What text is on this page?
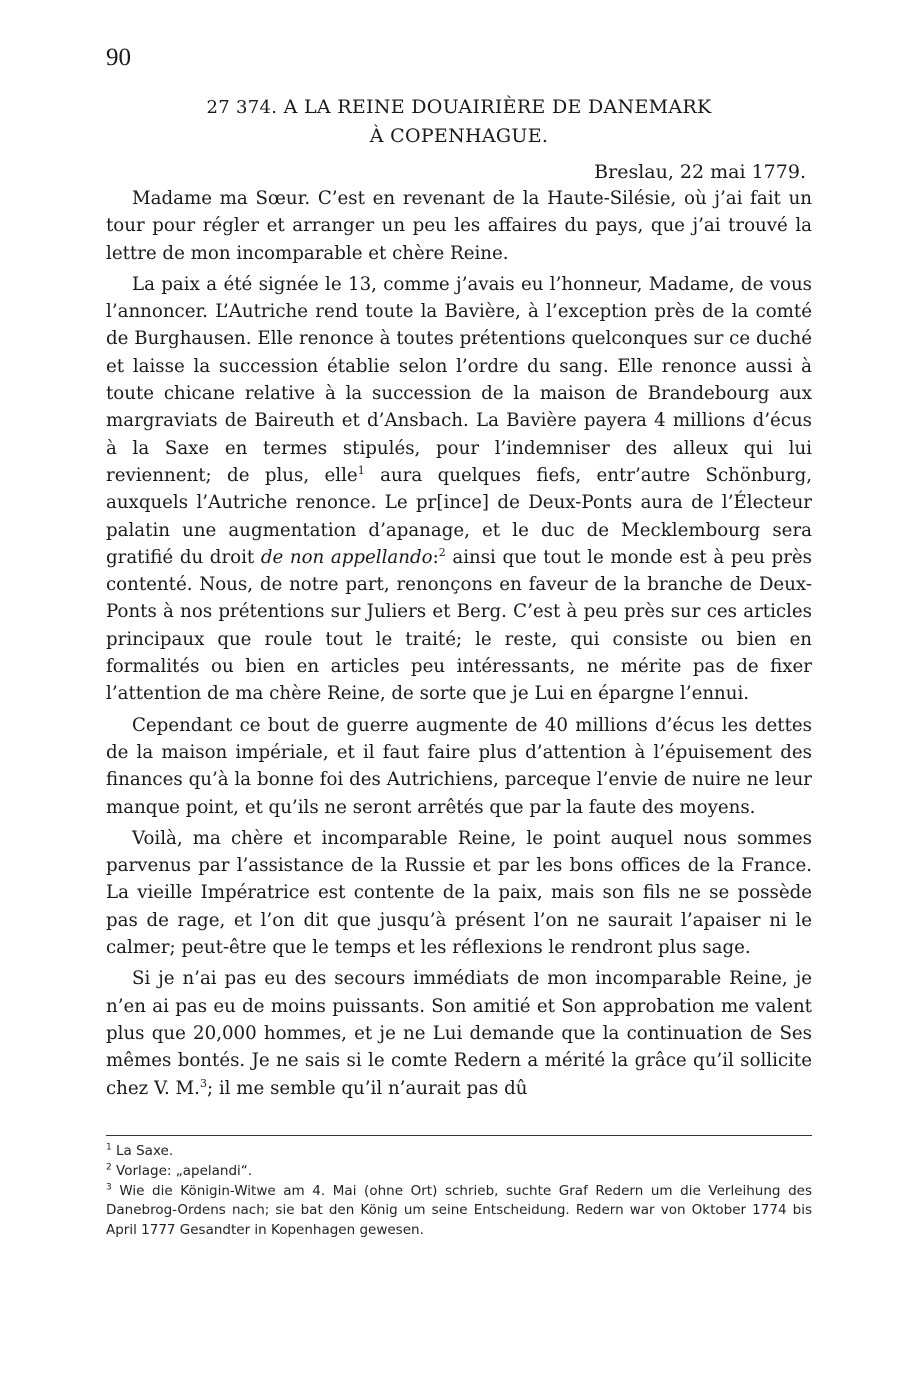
90
27 374. A LA REINE DOUAIRIÈRE DE DANEMARK
À COPENHAGUE.
Breslau, 22 mai 1779.

Madame ma Sœur. C’est en revenant de la Haute-Silésie, où j’ai fait un tour pour régler et arranger un peu les affaires du pays, que j’ai trouvé la lettre de mon incomparable et chère Reine.

La paix a été signée le 13, comme j’avais eu l’honneur, Madame, de vous l’annoncer. L’Autriche rend toute la Bavière, à l’exception près de la comté de Burghausen. Elle renonce à toutes prétentions quelconques sur ce duché et laisse la succession établie selon l’ordre du sang. Elle renonce aussi à toute chicane relative à la succession de la maison de Brandebourg aux margraviats de Baireuth et d’Ansbach. La Bavière payera 4 millions d’écus à la Saxe en termes stipulés, pour l’indemniser des alleux qui lui reviennent; de plus, elle$^1$ aura quelques fiefs, entr’autre Schönburg, auxquels l’Autriche renonce. Le pr[ince] de Deux-Ponts aura de l’Électeur palatin une augmentation d’apanage, et le duc de Mecklembourg sera gratifié du droit de non appellando:$^2$ ainsi que tout le monde est à peu près contenté. Nous, de notre part, renonçons en faveur de la branche de Deux-Ponts à nos prétentions sur Juliers et Berg. C’est à peu près sur ces articles principaux que roule tout le traité; le reste, qui consiste ou bien en formalités ou bien en articles peu intéressants, ne mérite pas de fixer l’attention de ma chère Reine, de sorte que je Lui en épargne l’ennui.

Cependant ce bout de guerre augmente de 40 millions d’écus les dettes de la maison impériale, et il faut faire plus d’attention à l’épuisement des finances qu’à la bonne foi des Autrichiens, parceque l’envie de nuire ne leur manque point, et qu’ils ne seront arrêtés que par la faute des moyens.

Voilà, ma chère et incomparable Reine, le point auquel nous sommes parvenus par l’assistance de la Russie et par les bons offices de la France. La vieille Impératrice est contente de la paix, mais son fils ne se possède pas de rage, et l’on dit que jusqu’à présent l’on ne saurait l’apaiser ni le calmer; peut-être que le temps et les réflexions le rendront plus sage.

Si je n’ai pas eu des secours immédiats de mon incomparable Reine, je n’en ai pas eu de moins puissants. Son amitié et Son approbation me valent plus que 20,000 hommes, et je ne Lui demande que la continuation de Ses mêmes bontés. Je ne sais si le comte Redern a mérité la grâce qu’il sollicite chez V. M.$^3$; il me semble qu’il n’aurait pas dû

$^1$ La Saxe.

$^2$ Vorlage: „apelandi“.

$^3$ Wie die Königin-Witwe am 4. Mai (ohne Ort) schrieb, suchte Graf Redern um die Verleihung des Danebrog-Ordens nach; sie bat den König um seine Entscheidung. Redern war von Oktober 1774 bis April 1777 Gesandter in Kopenhagen gewesen.
